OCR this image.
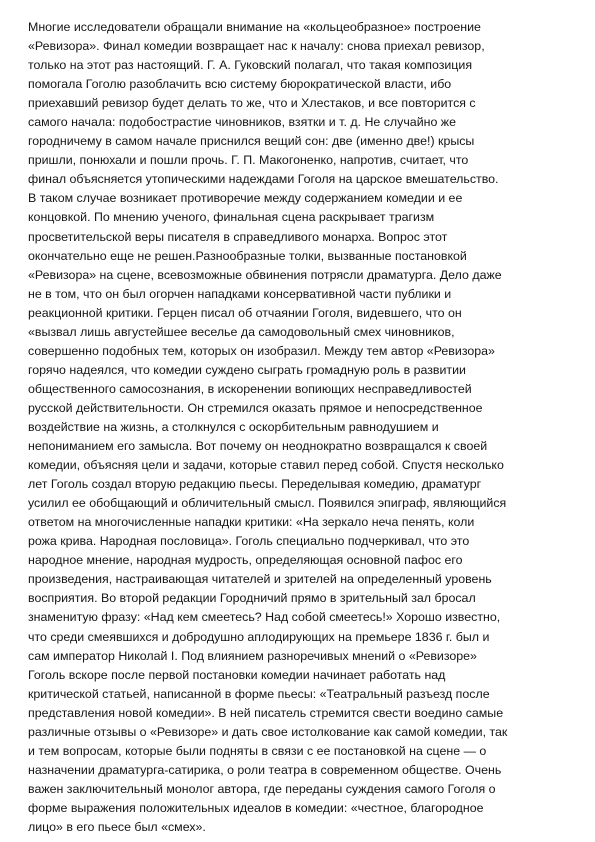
Многие исследователи обращали внимание на «кольцеобразное» построение
«Ревизора». Финал комедии возвращает нас к началу: снова приехал ревизор,
только на этот раз настоящий. Г. А. Гуковский полагал, что такая композиция
помогала Гоголю разоблачить всю систему бюрократической власти, ибо
приехавший ревизор будет делать то же, что и Хлестаков, и все повторится с
самого начала: подобострастие чиновников, взятки и т. д. Не случайно же
городничему в самом начале приснился вещий сон: две (именно две!) крысы
пришли, понюхали и пошли прочь. Г. П. Макогоненко, напротив, считает, что
финал объясняется утопическими надеждами Гоголя на царское вмешательство.
В таком случае возникает противоречие между содержанием комедии и ее
концовкой. По мнению ученого, финальная сцена раскрывает трагизм
просветительской веры писателя в справедливого монарха. Вопрос этот
окончательно еще не решен.Разнообразные толки, вызванные постановкой
«Ревизора» на сцене, всевозможные обвинения потрясли драматурга. Дело даже
не в том, что он был огорчен нападками консервативной части публики и
реакционной критики. Герцен писал об отчаянии Гоголя, видевшего, что он
«вызвал лишь августейшее веселье да самодовольный смех чиновников,
совершенно подобных тем, которых он изобразил. Между тем автор «Ревизора»
горячо надеялся, что комедии суждено сыграть громадную роль в развитии
общественного самосознания, в искоренении вопиющих несправедливостей
русской действительности. Он стремился оказать прямое и непосредственное
воздействие на жизнь, а столкнулся с оскорбительным равнодушием и
непониманием его замысла. Вот почему он неоднократно возвращался к своей
комедии, объясняя цели и задачи, которые ставил перед собой. Спустя несколько
лет Гоголь создал вторую редакцию пьесы. Переделывая комедию, драматург
усилил ее обобщающий и обличительный смысл. Появился эпиграф, являющийся
ответом на многочисленные нападки критики: «На зеркало неча пенять, коли
рожа крива. Народная пословица». Гоголь специально подчеркивал, что это
народное мнение, народная мудрость, определяющая основной пафос его
произведения, настраивающая читателей и зрителей на определенный уровень
восприятия. Во второй редакции Городничий прямо в зрительный зал бросал
знаменитую фразу: «Над кем смеетесь? Над собой смеетесь!» Хорошо известно,
что среди смеявшихся и добродушно аплодирующих на премьере 1836 г. был и
сам император Николай I. Под влиянием разноречивых мнений о «Ревизоре»
Гоголь вскоре после первой постановки комедии начинает работать над
критической статьей, написанной в форме пьесы: «Театральный разъезд после
представления новой комедии». В ней писатель стремится свести воедино самые
различные отзывы о «Ревизоре» и дать свое истолкование как самой комедии, так
и тем вопросам, которые были подняты в связи с ее постановкой на сцене — о
назначении драматурга-сатирика, о роли театра в современном обществе. Очень
важен заключительный монолог автора, где переданы суждения самого Гоголя о
форме выражения положительных идеалов в комедии: «честное, благородное
лицо» в его пьесе был «смех».
